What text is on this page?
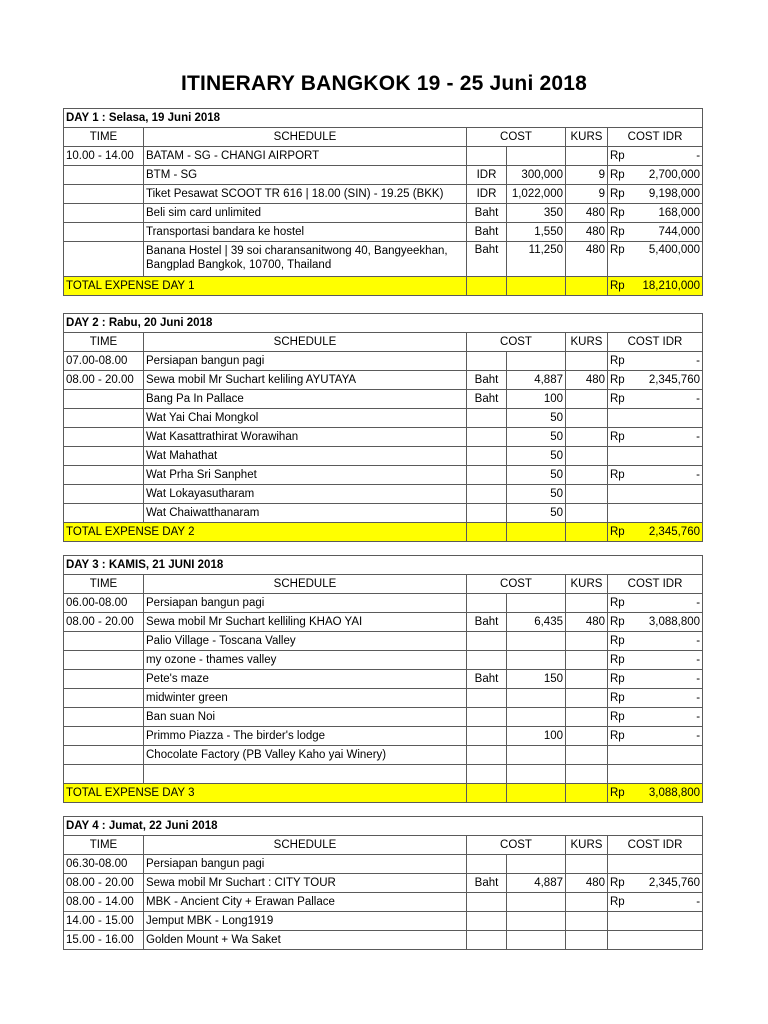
ITINERARY BANGKOK 19 - 25 Juni 2018
DAY 1 : Selasa, 19 Juni 2018						
TIME	SCHEDULE	COST		KURS	COST IDR	
10.00 - 14.00	BATAM - SG - CHANGI AIRPORT				Rp	-
	BTM - SG	IDR	300,000	9	Rp	2,700,000
	Tiket Pesawat SCOOT TR 616 | 18.00 (SIN) - 19.25 (BKK)	IDR	1,022,000	9	Rp	9,198,000
	Beli sim card unlimited	Baht	350	480	Rp	168,000
	Transportasi bandara ke hostel	Baht	1,550	480	Rp	744,000
	Banana Hostel | 39 soi charansanitwong 40, Bangyeekhan, Bangplad Bangkok, 10700, Thailand	Baht	11,250	480	Rp	5,400,000
TOTAL EXPENSE DAY 1					Rp	18,210,000
DAY 2 : Rabu, 20 Juni 2018						
TIME	SCHEDULE	COST		KURS	COST IDR	
07.00-08.00	Persiapan bangun pagi				Rp	-
08.00 - 20.00	Sewa mobil Mr Suchart keliling AYUTAYA	Baht	4,887	480	Rp	2,345,760
	Bang Pa In Pallace	Baht	100		Rp	-
	Wat Yai Chai Mongkol		50			
	Wat Kasattrathirat Worawihan		50		Rp	-
	Wat Mahathat		50			
	Wat Prha Sri Sanphet		50		Rp	-
	Wat Lokayasutharam		50			
	Wat Chaiwatthanaram		50			
TOTAL EXPENSE DAY 2					Rp	2,345,760
DAY 3 : KAMIS, 21 JUNI 2018						
TIME	SCHEDULE	COST		KURS	COST IDR	
06.00-08.00	Persiapan bangun pagi				Rp	-
08.00 - 20.00	Sewa mobil Mr Suchart kelliling KHAO YAI	Baht	6,435	480	Rp	3,088,800
	Palio Village - Toscana Valley				Rp	-
	my ozone - thames valley				Rp	-
	Pete's maze	Baht	150		Rp	-
	midwinter green				Rp	-
	Ban suan Noi				Rp	-
	Primmo Piazza - The birder's lodge		100		Rp	-
	Chocolate Factory (PB Valley Kaho yai Winery)					

TOTAL EXPENSE DAY 3					Rp	3,088,800
DAY 4 : Jumat, 22 Juni 2018						
TIME	SCHEDULE	COST		KURS	COST IDR	
06.30-08.00	Persiapan bangun pagi					
08.00 - 20.00	Sewa mobil Mr Suchart : CITY TOUR	Baht	4,887	480	Rp	2,345,760
08.00 - 14.00	MBK - Ancient City + Erawan Pallace				Rp	-
14.00 - 15.00	Jemput MBK - Long1919					
15.00 - 16.00	Golden Mount + Wa Saket					
